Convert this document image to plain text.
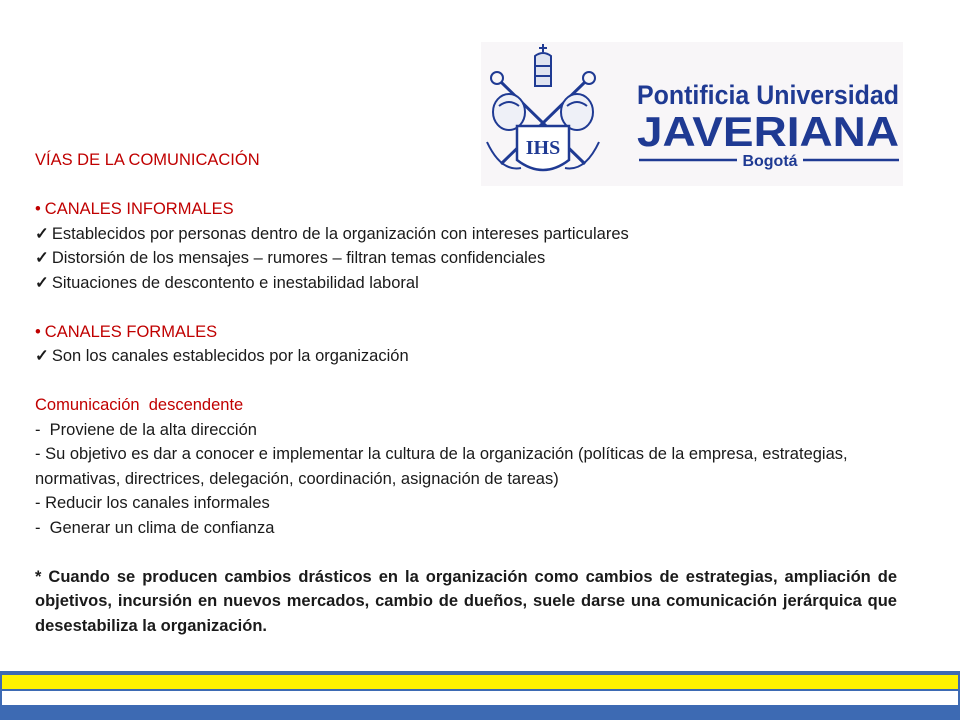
IHS
Pontificia Universidad
JAVERIANA
Bogotá
VÍAS DE LA COMUNICACIÓN
• CANALES INFORMALES
✓ Establecidos por personas dentro de la organización con intereses particulares
✓ Distorsión de los mensajes – rumores – filtran temas confidenciales
✓ Situaciones de descontento e inestabilidad laboral
• CANALES FORMALES
✓ Son los canales establecidos por la organización
Comunicación  descendente
-  Proviene de la alta dirección
- Su objetivo es dar a conocer e implementar la cultura de la organización (políticas de la empresa, estrategias, normativas, directrices, delegación, coordinación, asignación de tareas)
- Reducir los canales informales
-  Generar un clima de confianza
* Cuando se producen cambios drásticos en la organización como cambios de estrategias, ampliación de objetivos, incursión en nuevos mercados, cambio de dueños, suele darse una comunicación jerárquica que desestabiliza la organización.
